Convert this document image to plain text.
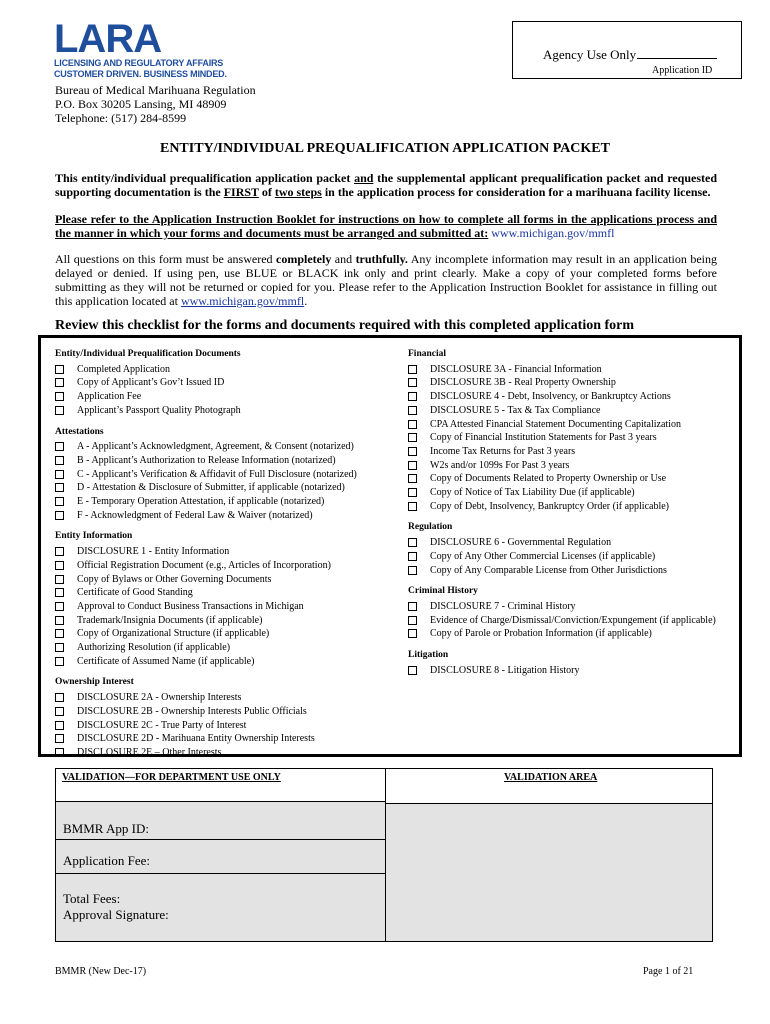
LARA
LICENSING AND REGULATORY AFFAIRS
CUSTOMER DRIVEN. BUSINESS MINDED.
Agency Use Only
Application ID
Bureau of Medical Marihuana Regulation
P.O. Box 30205 Lansing, MI 48909
Telephone: (517) 284-8599
ENTITY/INDIVIDUAL PREQUALIFICATION APPLICATION PACKET
This entity/individual prequalification application packet and the supplemental applicant prequalification packet and requested supporting documentation is the FIRST of two steps in the application process for consideration for a marihuana facility license.
Please refer to the Application Instruction Booklet for instructions on how to complete all forms in the applications process and the manner in which your forms and documents must be arranged and submitted at: www.michigan.gov/mmfl
All questions on this form must be answered completely and truthfully. Any incomplete information may result in an application being delayed or denied. If using pen, use BLUE or BLACK ink only and print clearly. Make a copy of your completed forms before submitting as they will not be returned or copied for you. Please refer to the Application Instruction Booklet for assistance in filling out this application located at www.michigan.gov/mmfl.
Review this checklist for the forms and documents required with this completed application form
Entity/Individual Prequalification Documents
Completed Application
Copy of Applicant’s Gov’t Issued ID
Application Fee
Applicant’s Passport Quality Photograph
Attestations
A - Applicant’s Acknowledgment, Agreement, & Consent (notarized)
B - Applicant’s Authorization to Release Information (notarized)
C - Applicant’s Verification & Affidavit of Full Disclosure (notarized)
D - Attestation & Disclosure of Submitter, if applicable (notarized)
E - Temporary Operation Attestation, if applicable (notarized)
F - Acknowledgment of Federal Law & Waiver (notarized)
Entity Information
DISCLOSURE 1 - Entity Information
Official Registration Document (e.g., Articles of Incorporation)
Copy of Bylaws or Other Governing Documents
Certificate of Good Standing
Approval to Conduct Business Transactions in Michigan
Trademark/Insignia Documents (if applicable)
Copy of Organizational Structure (if applicable)
Authorizing Resolution (if applicable)
Certificate of Assumed Name (if applicable)
Ownership Interest
DISCLOSURE 2A - Ownership Interests
DISCLOSURE 2B - Ownership Interests Public Officials
DISCLOSURE 2C - True Party of Interest
DISCLOSURE 2D - Marihuana Entity Ownership Interests
DISCLOSURE 2E – Other Interests
Financial
DISCLOSURE 3A - Financial Information
DISCLOSURE 3B - Real Property Ownership
DISCLOSURE 4 - Debt, Insolvency, or Bankruptcy Actions
DISCLOSURE 5 - Tax & Tax Compliance
CPA Attested Financial Statement Documenting Capitalization
Copy of Financial Institution Statements for Past 3 years
Income Tax Returns for Past 3 years
W2s and/or 1099s For Past 3 years
Copy of Documents Related to Property Ownership or Use
Copy of Notice of Tax Liability Due (if applicable)
Copy of Debt, Insolvency, Bankruptcy Order (if applicable)
Regulation
DISCLOSURE 6 - Governmental Regulation
Copy of Any Other Commercial Licenses (if applicable)
Copy of Any Comparable License from Other Jurisdictions
Criminal History
DISCLOSURE 7 - Criminal History
Evidence of Charge/Dismissal/Conviction/Expungement (if applicable)
Copy of Parole or Probation Information (if applicable)
Litigation
DISCLOSURE 8 - Litigation History
VALIDATION—FOR DEPARTMENT USE ONLY
BMMR App ID:
Application Fee:
Total Fees:
Approval Signature:
VALIDATION AREA
BMMR (New Dec-17)	Page 1 of 21
